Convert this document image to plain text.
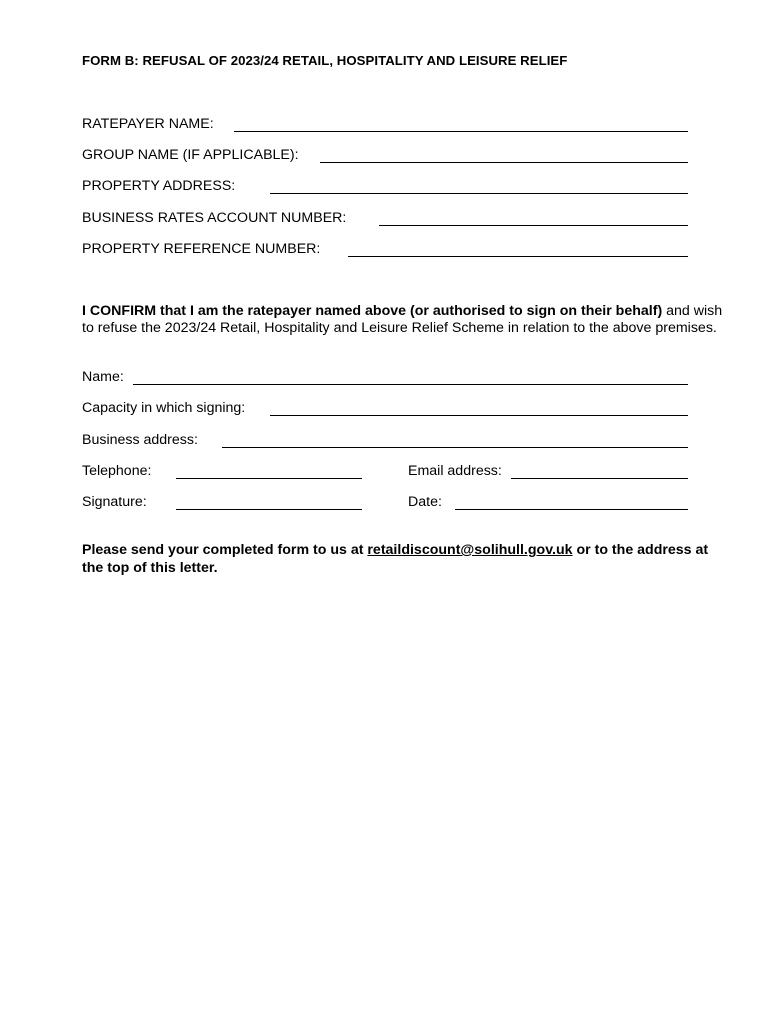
FORM B: REFUSAL OF 2023/24 RETAIL, HOSPITALITY AND LEISURE RELIEF
RATEPAYER NAME:
GROUP NAME (IF APPLICABLE):
PROPERTY ADDRESS:
BUSINESS RATES ACCOUNT NUMBER:
PROPERTY REFERENCE NUMBER:
I CONFIRM that I am the ratepayer named above (or authorised to sign on their behalf) and wish to refuse the 2023/24 Retail, Hospitality and Leisure Relief Scheme in relation to the above premises.
Name:
Capacity in which signing:
Business address:
Telephone:	Email address:
Signature:	Date:
Please send your completed form to us at retaildiscount@solihull.gov.uk or to the address at the top of this letter.
